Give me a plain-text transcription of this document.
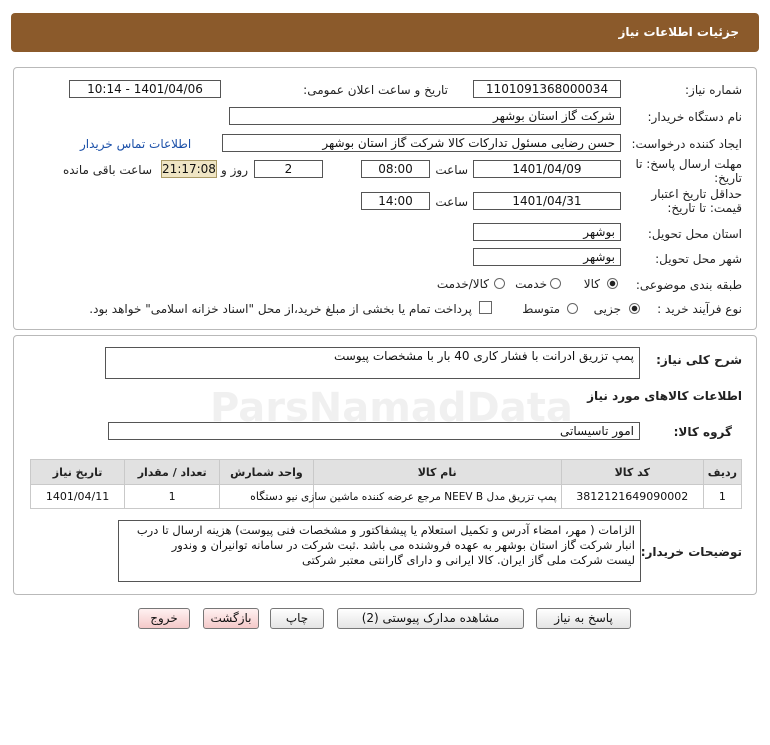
جزئیات اطلاعات نیاز
شماره نیاز:
1101091368000034
تاریخ و ساعت اعلان عمومی:
1401/04/06 - 10:14
نام دستگاه خریدار:
شرکت گاز استان بوشهر
ایجاد کننده درخواست:
حسن رضایی مسئول تدارکات کالا شرکت گاز استان بوشهر
اطلاعات تماس خریدار
مهلت ارسال پاسخ: تا
تاریخ:
1401/04/09
ساعت
08:00
2
روز و
21:17:08
ساعت باقی مانده
حداقل تاریخ اعتبار
قیمت: تا تاریخ:
1401/04/31
ساعت
14:00
استان محل تحویل:
بوشهر
شهر محل تحویل:
بوشهر
طبقه بندی موضوعی:
کالا
خدمت
کالا/خدمت
نوع فرآیند خرید :
جزیی
متوسط
پرداخت تمام یا بخشی از مبلغ خرید،از محل "اسناد خزانه اسلامی" خواهد بود.
شرح کلی نیاز:
پمپ تزریق ادرانت با فشار کاری 40 بار با مشخصات پیوست
اطلاعات کالاهای مورد نیاز
گروه کالا:
امور تاسیساتی
ردیف	کد کالا	نام کالا	واحد شمارش	تعداد / مقدار	تاریخ نیاز
1	3812121649090002	پمپ تزریق مدل NEEV B مرجع عرضه کننده ماشین سازی نیو	دستگاه	1	1401/04/11
توضیحات خریدار:
الزامات ( مهر، امضاء آدرس و تکمیل استعلام یا پیشفاکتور و مشخصات فنی پیوست) هزینه ارسال تا درب
انبار شرکت گاز استان بوشهر به عهده فروشنده می باشد .ثبت شرکت در سامانه توانیران و وندور
لیست شرکت ملی گاز ایران. کالا ایرانی و دارای گارانتی معتبر شرکتی
پاسخ به نیاز
مشاهده مدارک پیوستی (2)
چاپ
بازگشت
خروج
